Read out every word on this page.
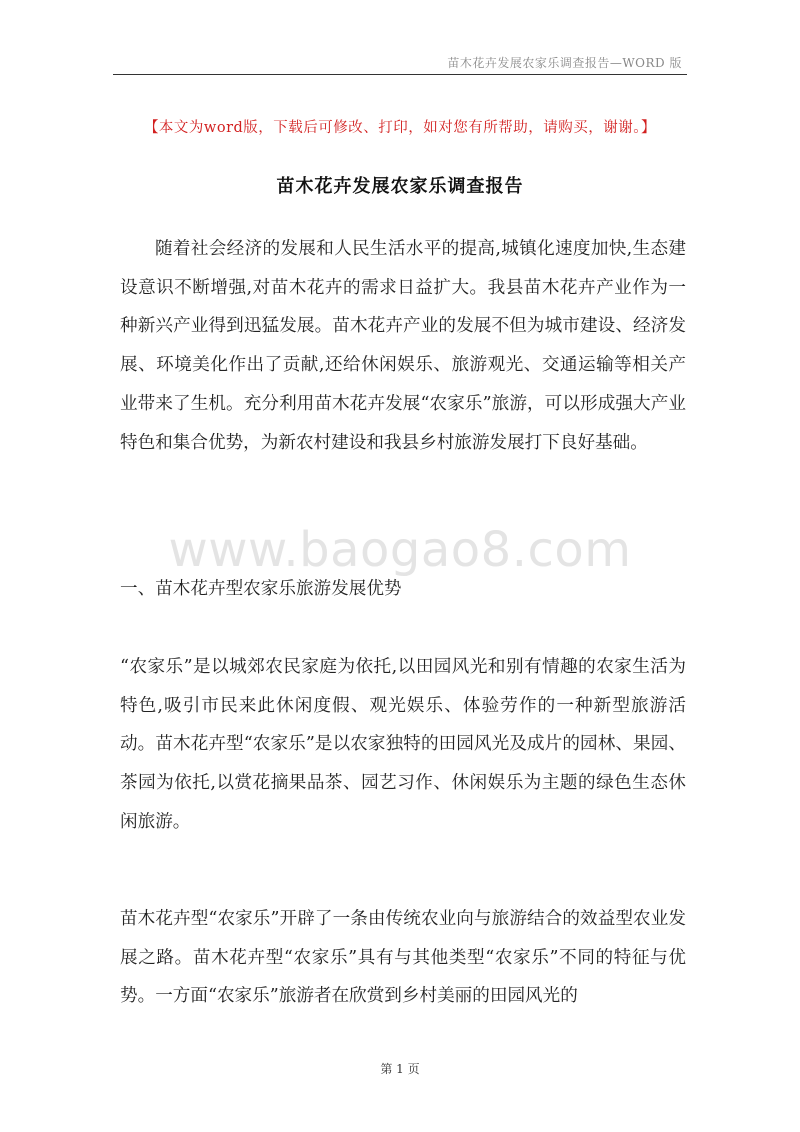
苗木花卉发展农家乐调查报告—WORD 版
【本文为word版，下载后可修改、打印，如对您有所帮助，请购买，谢谢。】
苗木花卉发展农家乐调查报告
随着社会经济的发展和人民生活水平的提高,城镇化速度加快,生态建设意识不断增强,对苗木花卉的需求日益扩大。我县苗木花卉产业作为一种新兴产业得到迅猛发展。苗木花卉产业的发展不但为城市建设、经济发展、环境美化作出了贡献,还给休闲娱乐、旅游观光、交通运输等相关产业带来了生机。充分利用苗木花卉发展“农家乐”旅游，可以形成强大产业特色和集合优势，为新农村建设和我县乡村旅游发展打下良好基础。
www.baogao8.com
一、苗木花卉型农家乐旅游发展优势
“农家乐”是以城郊农民家庭为依托,以田园风光和别有情趣的农家生活为特色,吸引市民来此休闲度假、观光娱乐、体验劳作的一种新型旅游活动。苗木花卉型“农家乐”是以农家独特的田园风光及成片的园林、果园、茶园为依托,以赏花摘果品茶、园艺习作、休闲娱乐为主题的绿色生态休闲旅游。
苗木花卉型“农家乐”开辟了一条由传统农业向与旅游结合的效益型农业发展之路。苗木花卉型“农家乐”具有与其他类型“农家乐”不同的特征与优势。一方面“农家乐”旅游者在欣赏到乡村美丽的田园风光的
第 1 页
